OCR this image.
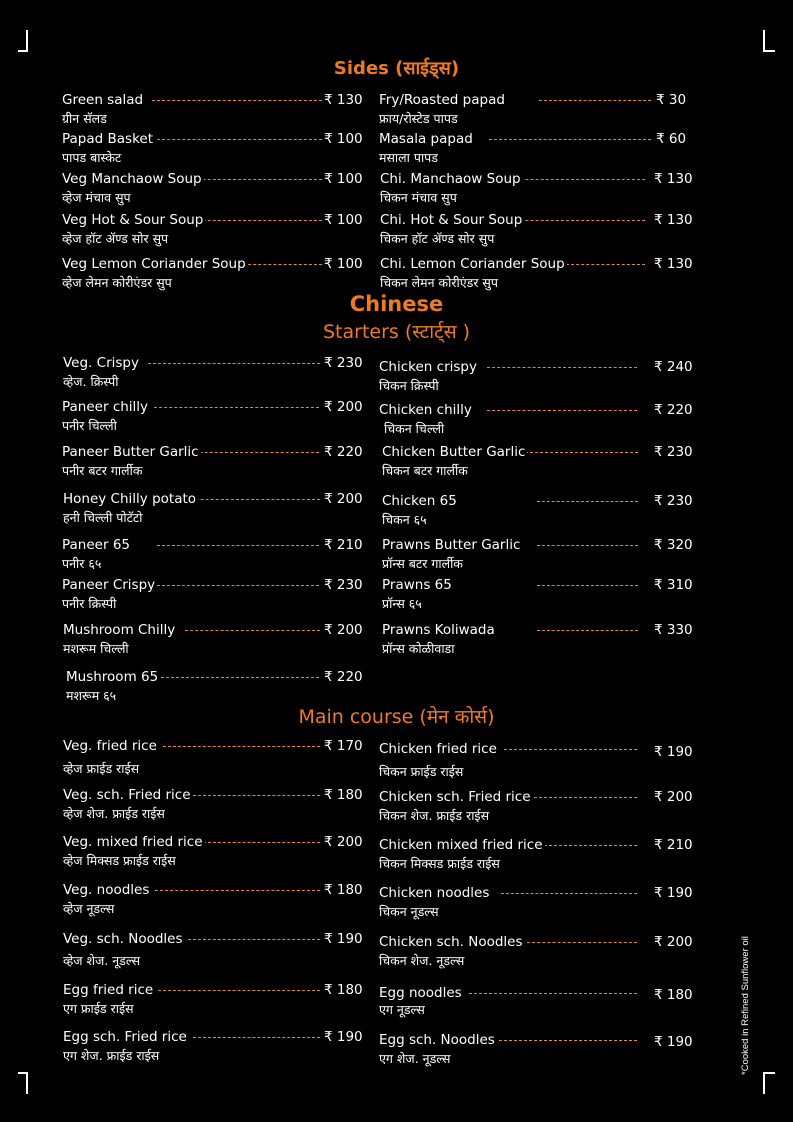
Sides (साईड्स)
Chinese
Starters (स्टार्ट्स )
Main course (मेन कोर्स)
Green salad
ग्रीन सॅलड
₹ 130 Fry/Roasted papad
फ्राय/रोस्टेड पापड
₹ 30
Papad Basket
पापड बास्केट
₹ 100 Masala papad
मसाला पापड
₹ 60
Veg Manchaow Soup
व्हेज मंचाव सुप
₹ 100 Chi. Manchaow Soup
चिकन मंचाव सुप
₹ 130
Veg Hot & Sour Soup
व्हेज हॉट ॲण्ड सोर सुप
₹ 100 Chi. Hot & Sour Soup
चिकन हॉट ॲण्ड सोर सुप
₹ 130
Veg Lemon Coriander Soup
व्हेज लेमन कोरीएंडर सुप
₹ 100 Chi. Lemon Coriander Soup
चिकन लेमन कोरीएंडर सुप
₹ 130
Veg. Crispy
व्हेज. क्रिस्पी
₹ 230 Chicken crispy
चिकन क्रिस्पी
₹ 240
Paneer chilly
पनीर चिल्ली
₹ 200 Chicken chilly
चिकन चिल्ली
₹ 220
Paneer Butter Garlic
पनीर बटर गार्लीक
₹ 220 Chicken Butter Garlic
चिकन बटर गार्लीक
₹ 230
Honey Chilly potato
हनी चिल्ली पोटॅटो
₹ 200 Chicken 65
चिकन ६५
₹ 230
Paneer 65
पनीर ६५
₹ 210 Prawns Butter Garlic
प्रॉन्स बटर गार्लीक
₹ 320
Paneer Crispy
पनीर क्रिस्पी
₹ 230 Prawns 65
प्रॉन्स ६५
₹ 310
Mushroom Chilly
मशरूम चिल्ली
₹ 200 Prawns Koliwada
प्रॉन्स कोळीवाडा
₹ 330
Mushroom 65
मशरूम ६५
₹ 220
Veg. fried rice
व्हेज फ्राईड राईस
₹ 170 Chicken fried rice
चिकन फ्राईड राईस
₹ 190
Veg. sch. Fried rice
व्हेज शेज. फ्राईड राईस
₹ 180 Chicken sch. Fried rice
चिकन शेज. फ्राईड राईस
₹ 200
Veg. mixed fried rice
व्हेज मिक्सड फ्राईड राईस
₹ 200 Chicken mixed fried rice
चिकन मिक्सड फ्राईड राईस
₹ 210
Veg. noodles
व्हेज नूडल्स
₹ 180 Chicken noodles
चिकन नूडल्स
₹ 190
Veg. sch. Noodles
व्हेज शेज. नूडल्स
₹ 190 Chicken sch. Noodles
चिकन शेज. नूडल्स
₹ 200
Egg fried rice
एग फ्राईड राईस
₹ 180 Egg noodles
एग नूडल्स
₹ 180
Egg sch. Fried rice
एग शेज. फ्राईड राईस
₹ 190 Egg sch. Noodles
एग शेज. नूडल्स
₹ 190	*Cooked in Refined Sunflower oil
